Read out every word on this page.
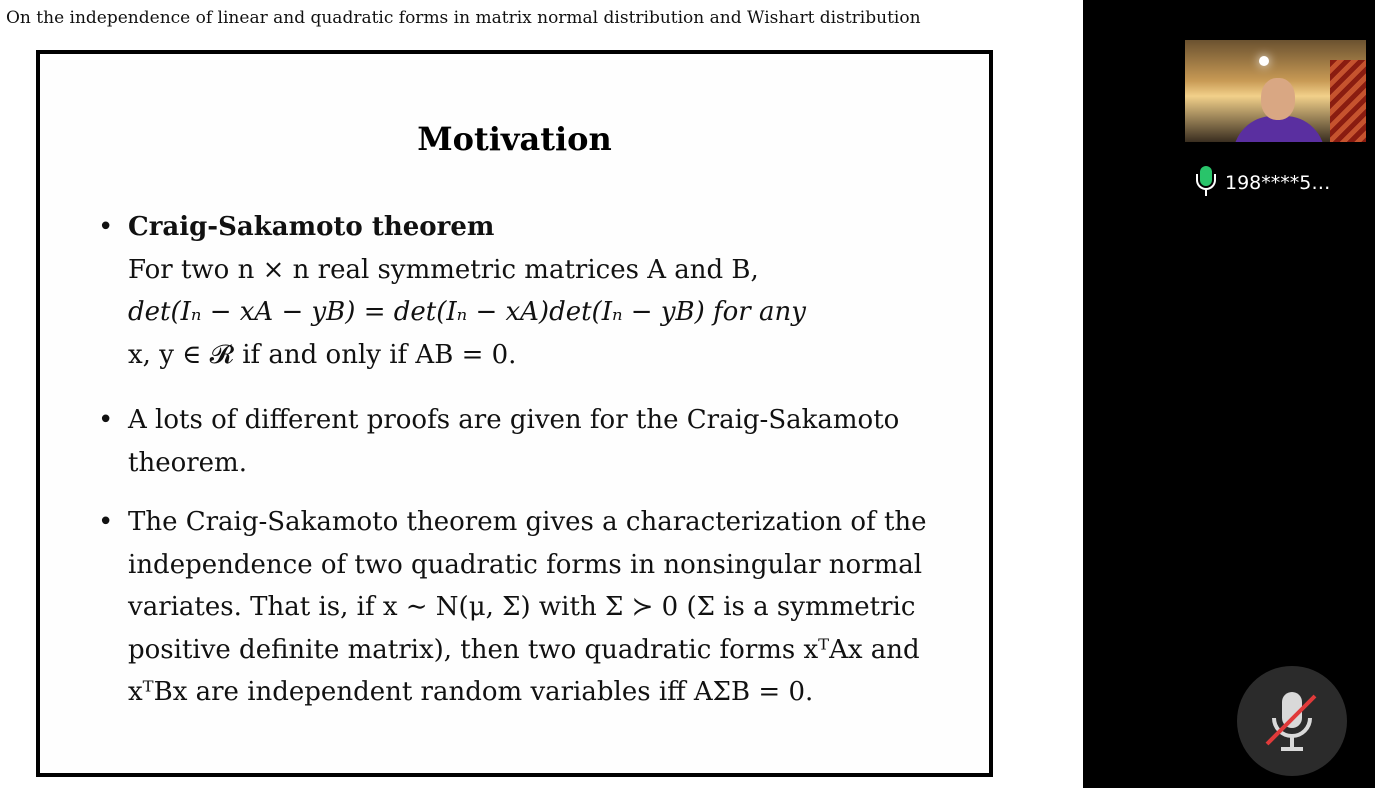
On the independence of linear and quadratic forms in matrix normal distribution and Wishart distribution
Motivation
• Craig-Sakamoto theorem
For two n × n real symmetric matrices A and B,
det(Iₙ − xA − yB) = det(Iₙ − xA)det(Iₙ − yB) for any
x, y ∈ 𝓡 if and only if AB = 0.
• A lots of different proofs are given for the Craig-Sakamoto
theorem.
• The Craig-Sakamoto theorem gives a characterization of the
independence of two quadratic forms in nonsingular normal
variates. That is, if x ∼ N(μ, Σ) with Σ ≻ 0 (Σ is a symmetric
positive definite matrix), then two quadratic forms xᵀAx and
xᵀBx are independent random variables iff AΣB = 0.
198****5…
